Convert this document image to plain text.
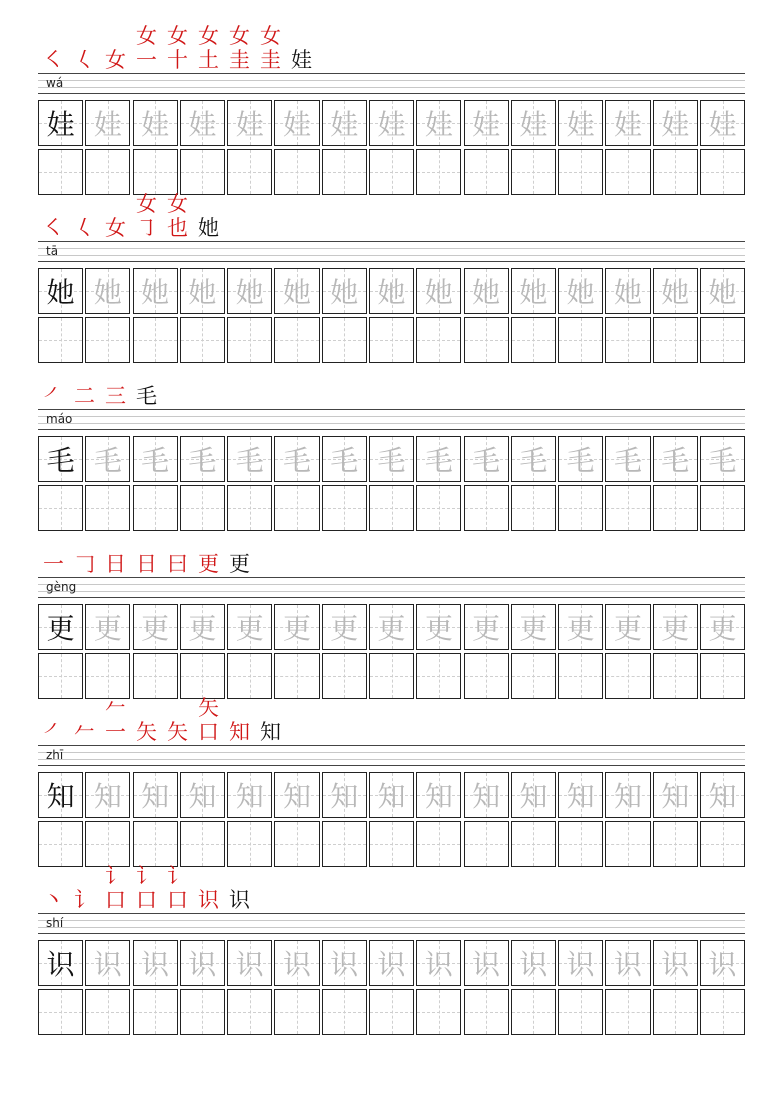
㇛ 𡿨 女
女一
女十
女土
女圭
女圭 娃
wá
娃 娃 娃 娃 娃 娃 娃 娃 娃 娃 娃 娃 娃 娃 娃
㇛ 𡿨 女
女㇆
女也 她
tā
她 她 她 她 她 她 她 她 她 她 她 她 她 她 她
㇒ 二 三 毛
máo
毛 毛 毛 毛 毛 毛 毛 毛 毛 毛 毛 毛 毛 毛 毛
一 𠃌 日 日 曰 更 更
gèng
更 更 更 更 更 更 更 更 更 更 更 更 更 更 更
㇒ 𠂉
𠂉一 矢 矢
矢口 知 知
zhī
知 知 知 知 知 知 知 知 知 知 知 知 知 知 知
丶 讠
讠口
讠口
讠口 识 识
shí
识 识 识 识 识 识 识 识 识 识 识 识 识 识 识
